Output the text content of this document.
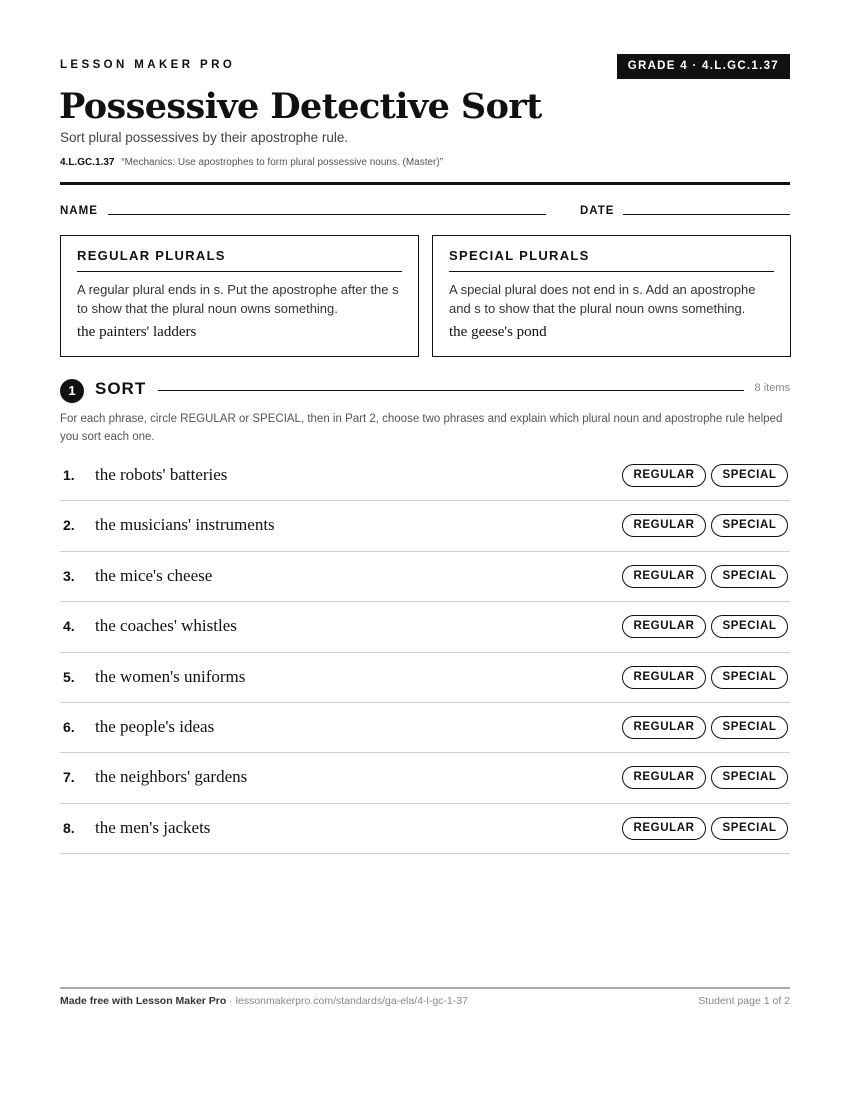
LESSON MAKER PRO	GRADE 4 · 4.L.GC.1.37
Possessive Detective Sort
Sort plural possessives by their apostrophe rule.
4.L.GC.1.37 “Mechanics: Use apostrophes to form plural possessive nouns. (Master)”
NAME	DATE
REGULAR PLURALS

A regular plural ends in s. Put the apostrophe after the s to show that the plural noun owns something.

the painters' ladders
SPECIAL PLURALS

A special plural does not end in s. Add an apostrophe and s to show that the plural noun owns something.

the geese's pond
1	SORT	8 items
For each phrase, circle REGULAR or SPECIAL, then in Part 2, choose two phrases and explain which plural noun and apostrophe rule helped you sort each one.
1. the robots' batteries	REGULAR	SPECIAL
2. the musicians' instruments	REGULAR	SPECIAL
3. the mice's cheese	REGULAR	SPECIAL
4. the coaches' whistles	REGULAR	SPECIAL
5. the women's uniforms	REGULAR	SPECIAL
6. the people's ideas	REGULAR	SPECIAL
7. the neighbors' gardens	REGULAR	SPECIAL
8. the men's jackets	REGULAR	SPECIAL
Made free with Lesson Maker Pro · lessonmakerpro.com/standards/ga-ela/4-l-gc-1-37	Student page 1 of 2
